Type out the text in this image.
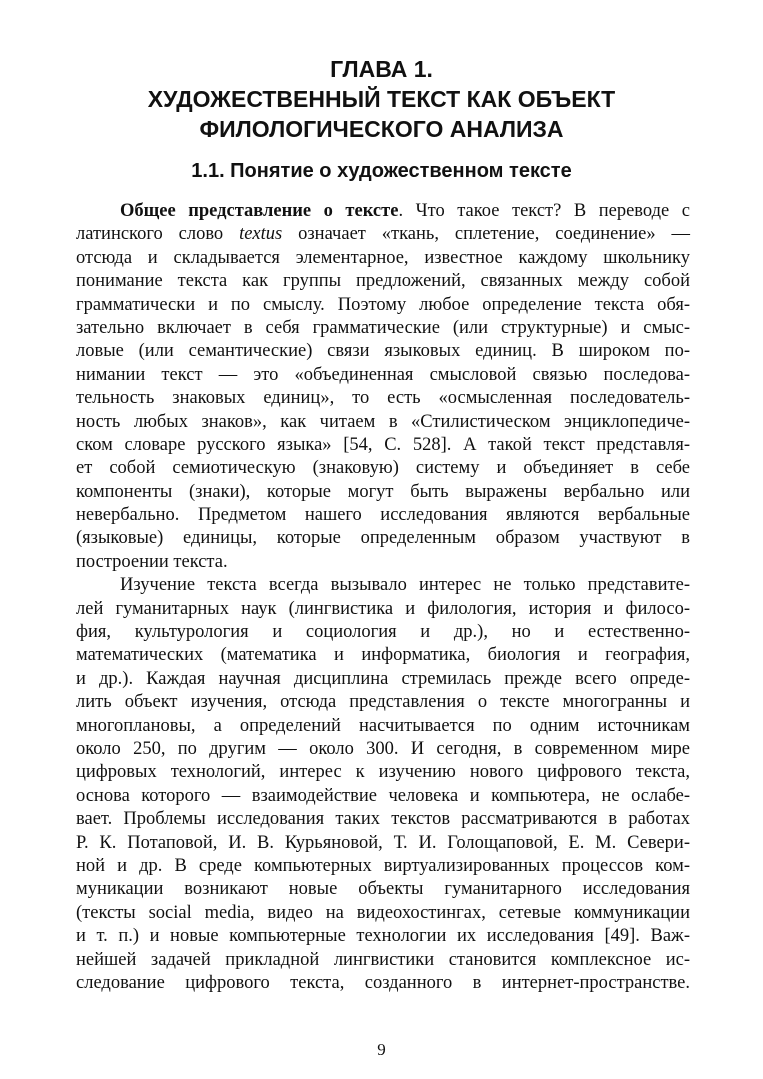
ГЛАВА 1.
ХУДОЖЕСТВЕННЫЙ ТЕКСТ КАК ОБЪЕКТ
ФИЛОЛОГИЧЕСКОГО АНАЛИЗА
1.1. Понятие о художественном тексте
Общее представление о тексте. Что такое текст? В переводе с
латинского слово textus означает «ткань, сплетение, соединение» —
отсюда и складывается элементарное, известное каждому школьнику
понимание текста как группы предложений, связанных между собой
грамматически и по смыслу. Поэтому любое определение текста обя-
зательно включает в себя грамматические (или структурные) и смыс-
ловые (или семантические) связи языковых единиц. В широком по-
нимании текст — это «объединенная смысловой связью последова-
тельность знаковых единиц», то есть «осмысленная последователь-
ность любых знаков», как читаем в «Стилистическом энциклопедиче-
ском словаре русского языка» [54, С. 528]. А такой текст представля-
ет собой семиотическую (знаковую) систему и объединяет в себе
компоненты (знаки), которые могут быть выражены вербально или
невербально. Предметом нашего исследования являются вербальные
(языковые) единицы, которые определенным образом участвуют в
построении текста.
Изучение текста всегда вызывало интерес не только представите-
лей гуманитарных наук (лингвистика и филология, история и филосо-
фия, культурология и социология и др.), но и естественно-
математических (математика и информатика, биология и география,
и др.). Каждая научная дисциплина стремилась прежде всего опреде-
лить объект изучения, отсюда представления о тексте многогранны и
многоплановы, а определений насчитывается по одним источникам
около 250, по другим — около 300. И сегодня, в современном мире
цифровых технологий, интерес к изучению нового цифрового текста,
основа которого — взаимодействие человека и компьютера, не ослабе-
вает. Проблемы исследования таких текстов рассматриваются в работах
Р. К. Потаповой, И. В. Курьяновой, Т. И. Голощаповой, Е. М. Севери-
ной и др. В среде компьютерных виртуализированных процессов ком-
муникации возникают новые объекты гуманитарного исследования
(тексты social media, видео на видеохостингах, сетевые коммуникации
и т. п.) и новые компьютерные технологии их исследования [49]. Важ-
нейшей задачей прикладной лингвистики становится комплексное ис-
следование цифрового текста, созданного в интернет-пространстве.
9
